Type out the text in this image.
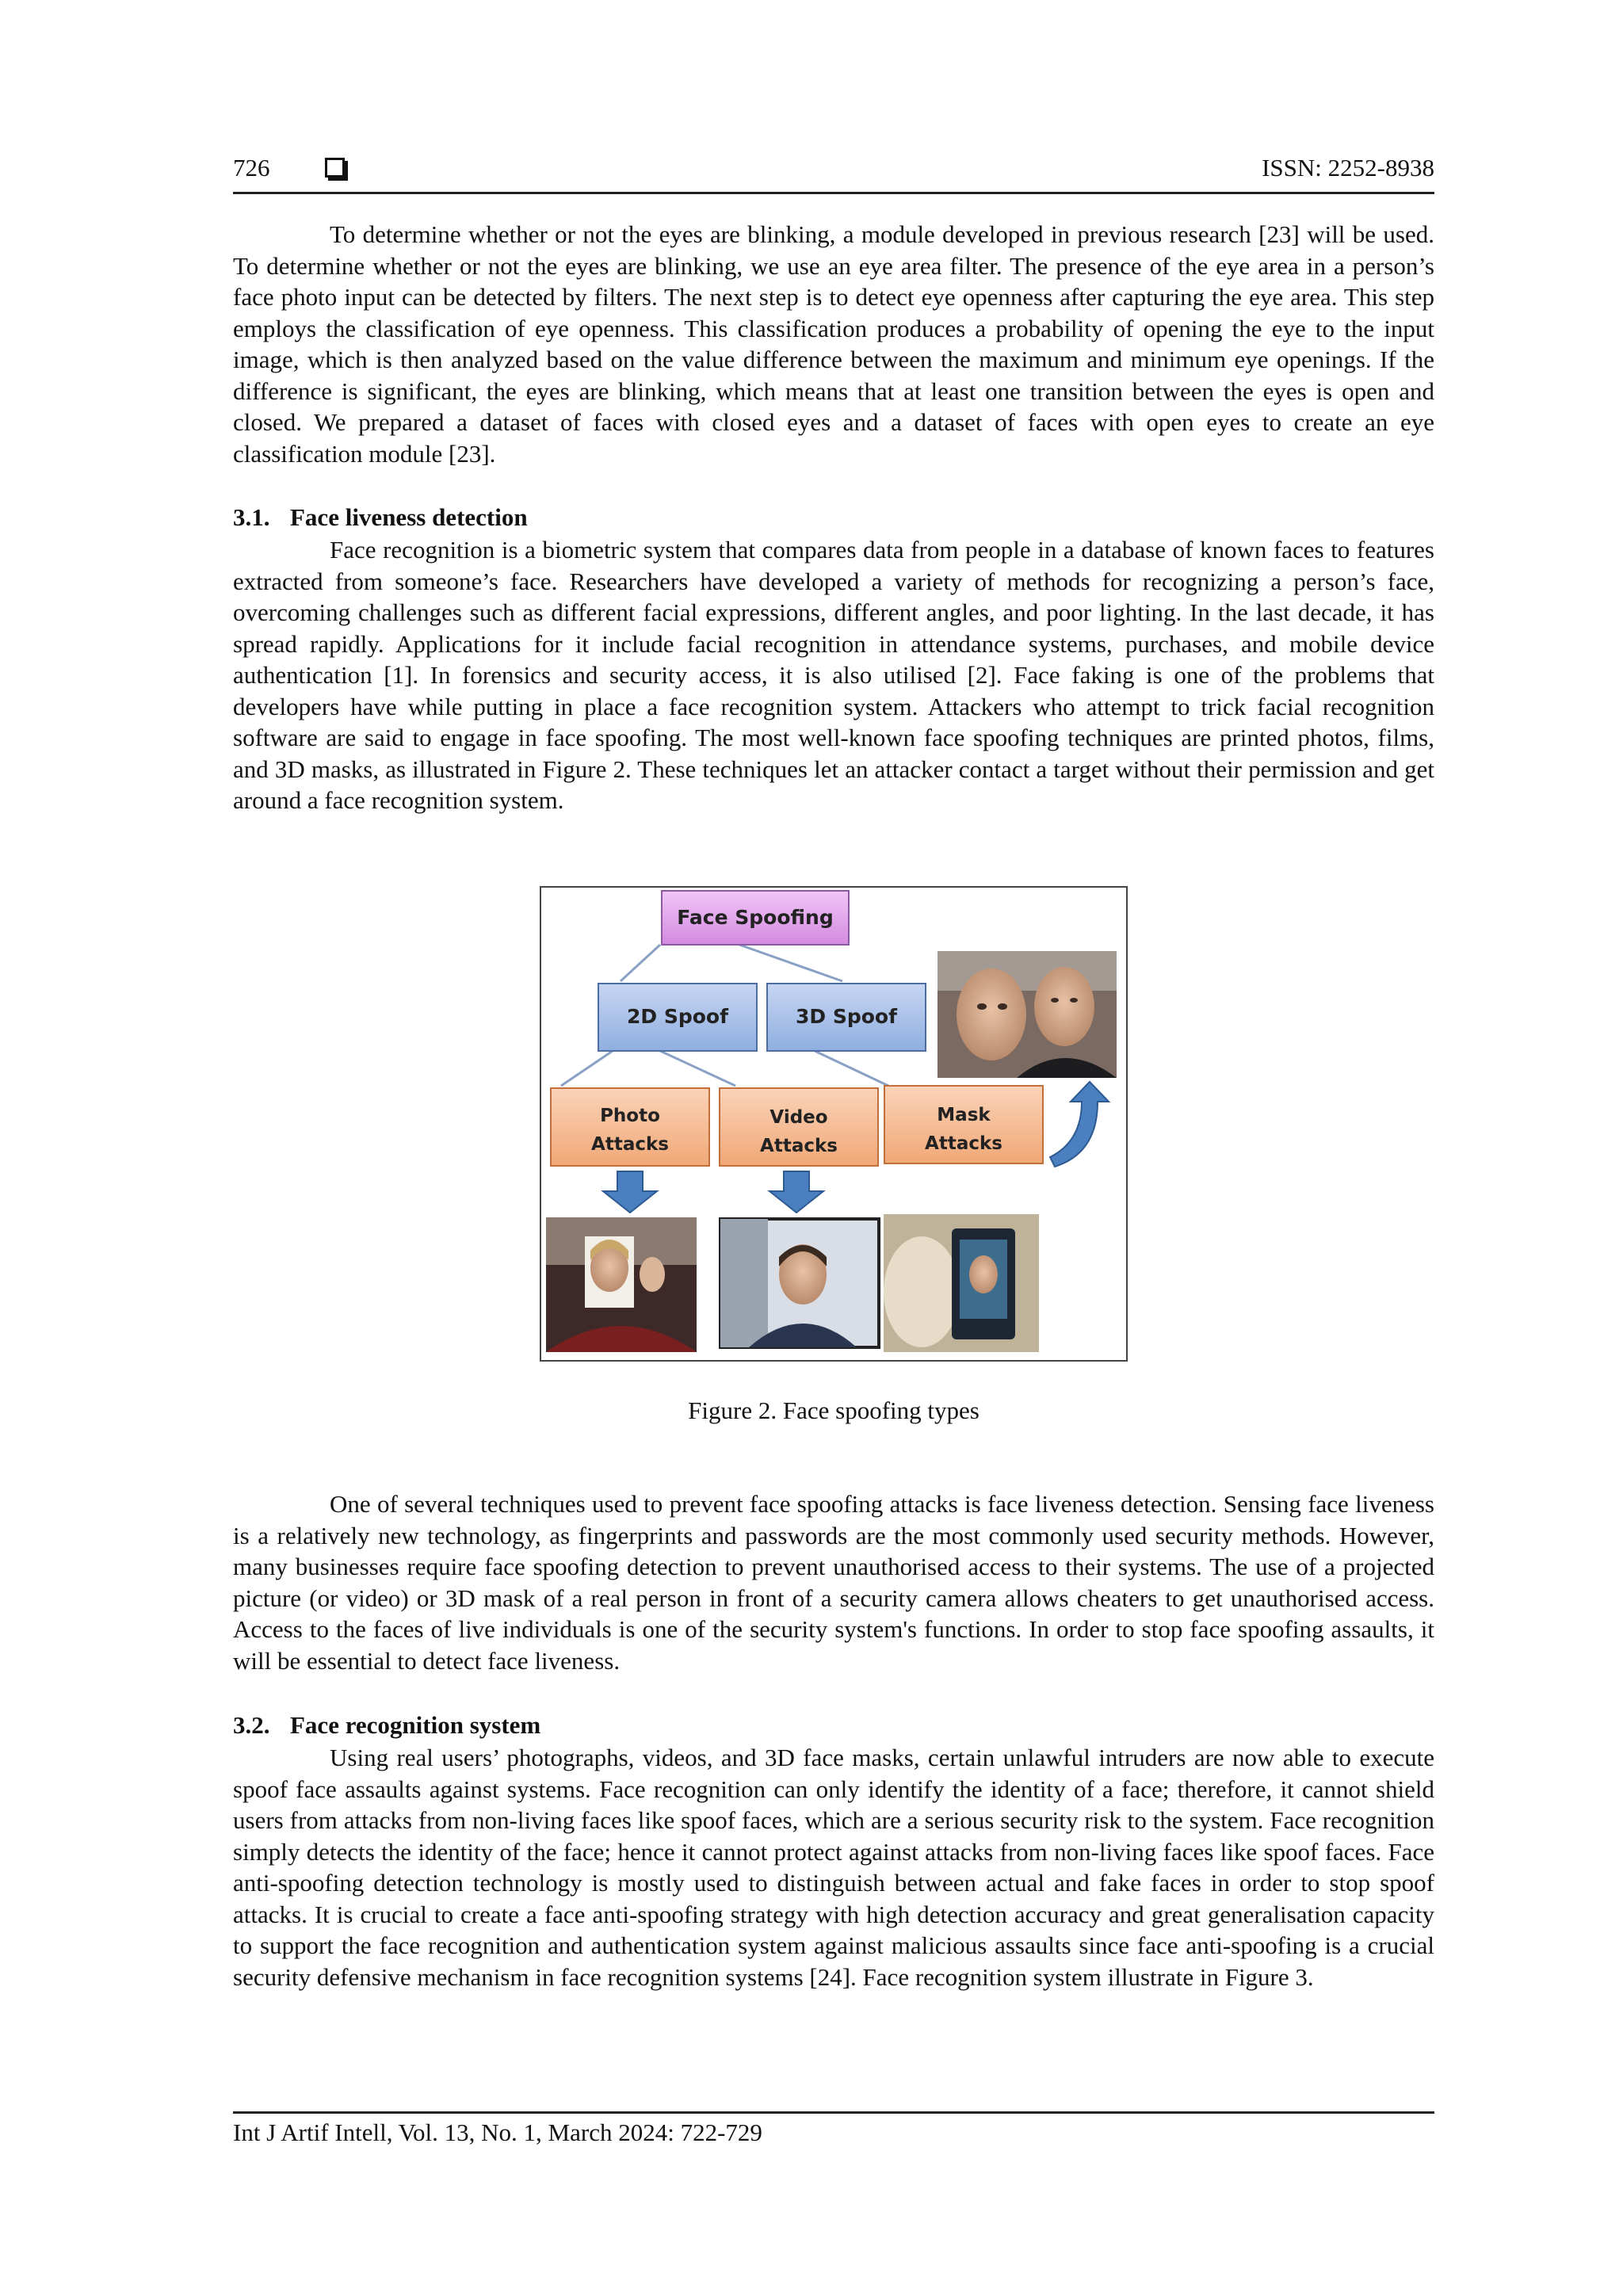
726	ISSN: 2252-8938

To determine whether or not the eyes are blinking, a module developed in previous research [23] will be used. To determine whether or not the eyes are blinking, we use an eye area filter. The presence of the eye area in a person’s face photo input can be detected by filters. The next step is to detect eye openness after capturing the eye area. This step employs the classification of eye openness. This classification produces a probability of opening the eye to the input image, which is then analyzed based on the value difference between the maximum and minimum eye openings. If the difference is significant, the eyes are blinking, which means that at least one transition between the eyes is open and closed. We prepared a dataset of faces with closed eyes and a dataset of faces with open eyes to create an eye classification module [23].

3.1. Face liveness detection

Face recognition is a biometric system that compares data from people in a database of known faces to features extracted from someone’s face. Researchers have developed a variety of methods for recognizing a person’s face, overcoming challenges such as different facial expressions, different angles, and poor lighting. In the last decade, it has spread rapidly. Applications for it include facial recognition in attendance systems, purchases, and mobile device authentication [1]. In forensics and security access, it is also utilised [2]. Face faking is one of the problems that developers have while putting in place a face recognition system. Attackers who attempt to trick facial recognition software are said to engage in face spoofing. The most well-known face spoofing techniques are printed photos, films, and 3D masks, as illustrated in Figure 2. These techniques let an attacker contact a target without their permission and get around a face recognition system.

Face Spoofing
2D Spoof	3D Spoof
Photo
Attacks
Video
Attacks
Mask
Attacks
Figure 2. Face spoofing types

One of several techniques used to prevent face spoofing attacks is face liveness detection. Sensing face liveness is a relatively new technology, as fingerprints and passwords are the most commonly used security methods. However, many businesses require face spoofing detection to prevent unauthorised access to their systems. The use of a projected picture (or video) or 3D mask of a real person in front of a security camera allows cheaters to get unauthorised access. Access to the faces of live individuals is one of the security system's functions. In order to stop face spoofing assaults, it will be essential to detect face liveness.

3.2. Face recognition system

Using real users’ photographs, videos, and 3D face masks, certain unlawful intruders are now able to execute spoof face assaults against systems. Face recognition can only identify the identity of a face; therefore, it cannot shield users from attacks from non-living faces like spoof faces, which are a serious security risk to the system. Face recognition simply detects the identity of the face; hence it cannot protect against attacks from non-living faces like spoof faces. Face anti-spoofing detection technology is mostly used to distinguish between actual and fake faces in order to stop spoof attacks. It is crucial to create a face anti-spoofing strategy with high detection accuracy and great generalisation capacity to support the face recognition and authentication system against malicious assaults since face anti-spoofing is a crucial security defensive mechanism in face recognition systems [24]. Face recognition system illustrate in Figure 3.

Int J Artif Intell, Vol. 13, No. 1, March 2024: 722-729
